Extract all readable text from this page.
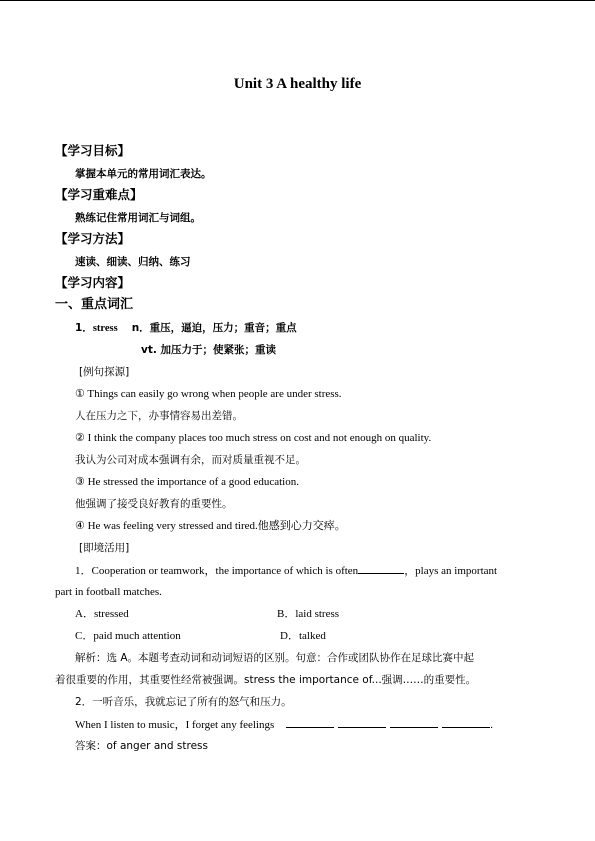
Unit 3 A healthy life
【学习目标】
掌握本单元的常用词汇表达。
【学习重难点】
熟练记住常用词汇与词组。
【学习方法】
速读、细读、归纳、练习
【学习内容】
一、重点词汇
1．stress n．重压，逼迫，压力；重音；重点
vt. 加压力于；使紧张；重读
[例句探源]
① Things can easily go wrong when people are under stress.
人在压力之下，办事情容易出差错。
② I think the company places too much stress on cost and not enough on quality.
我认为公司对成本强调有余，而对质量重视不足。
③ He stressed the importance of a good education.
他强调了接受良好教育的重要性。
④ He was feeling very stressed and tired.他感到心力交瘁。
[即境活用]
1．Cooperation or teamwork，the importance of which is often	，plays an important
part in football matches.
A．stressed	B．laid stress
C．paid much attention	D．talked
解析：选 A。本题考查动词和动词短语的区别。句意：合作或团队协作在足球比赛中起
着很重要的作用，其重要性经常被强调。stress the importance of...强调……的重要性。
2．一听音乐，我就忘记了所有的怒气和压力。
When I listen to music，I forget any feelings	.
答案：of anger and stress
